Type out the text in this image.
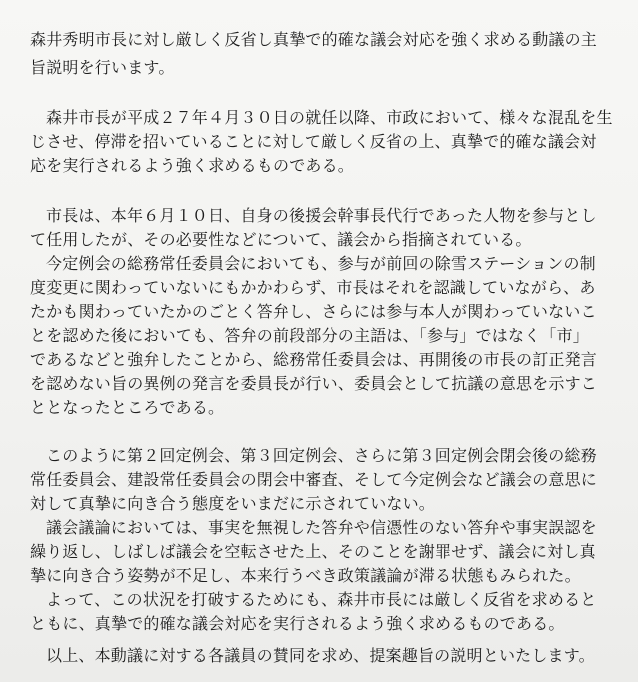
森井秀明市長に対し厳しく反省し真摯で的確な議会対応を強く求める動議の主
旨説明を行います。
森井市長が平成２７年４月３０日の就任以降、市政において、様々な混乱を生
じさせ、停滞を招いていることに対して厳しく反省の上、真摯で的確な議会対
応を実行されるよう強く求めるものである。
市長は、本年６月１０日、自身の後援会幹事長代行であった人物を参与とし
て任用したが、その必要性などについて、議会から指摘されている。
今定例会の総務常任委員会においても、参与が前回の除雪ステーションの制
度変更に関わっていないにもかかわらず、市長はそれを認識していながら、あ
たかも関わっていたかのごとく答弁し、さらには参与本人が関わっていないこ
とを認めた後においても、答弁の前段部分の主語は、「参与」ではなく「市」
であるなどと強弁したことから、総務常任委員会は、再開後の市長の訂正発言
を認めない旨の異例の発言を委員長が行い、委員会として抗議の意思を示すこ
ととなったところである。
このように第２回定例会、第３回定例会、さらに第３回定例会閉会後の総務
常任委員会、建設常任委員会の閉会中審査、そして今定例会など議会の意思に
対して真摯に向き合う態度をいまだに示されていない。
議会議論においては、事実を無視した答弁や信憑性のない答弁や事実誤認を
繰り返し、しばしば議会を空転させた上、そのことを謝罪せず、議会に対し真
摯に向き合う姿勢が不足し、本来行うべき政策議論が滞る状態もみられた。
よって、この状況を打破するためにも、森井市長には厳しく反省を求めると
ともに、真摯で的確な議会対応を実行されるよう強く求めるものである。
以上、本動議に対する各議員の賛同を求め、提案趣旨の説明といたします。
